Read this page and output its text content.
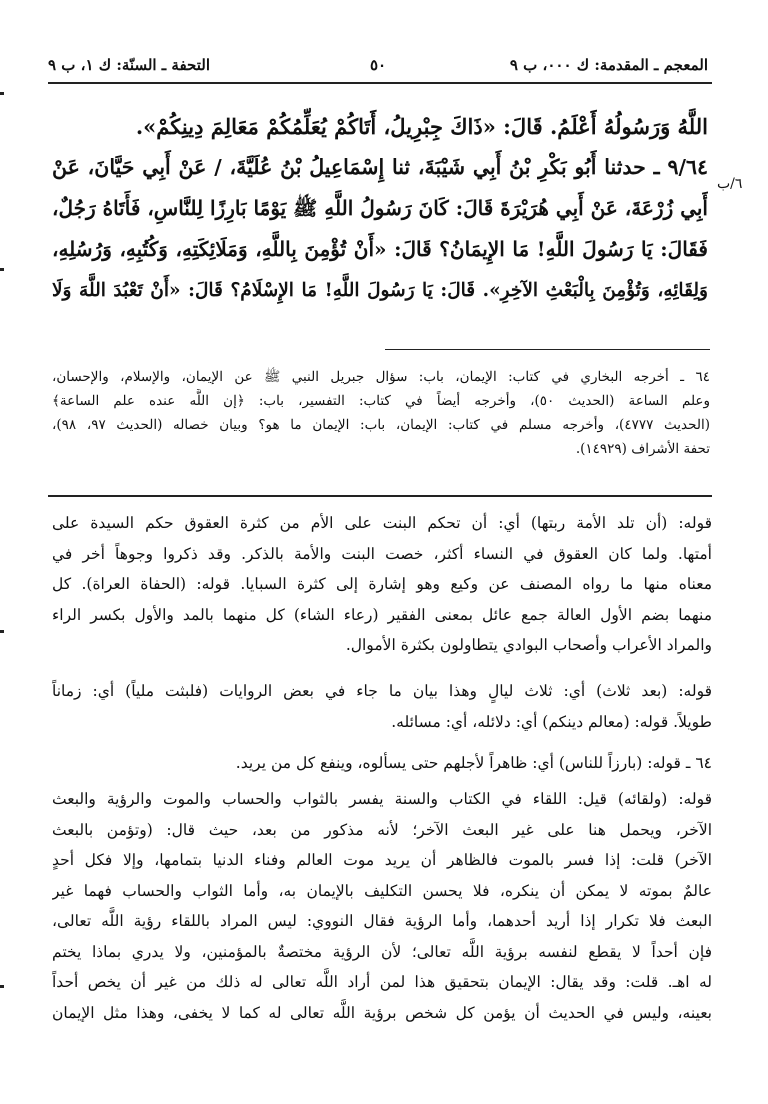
المعجم ـ المقدمة: ك ٠٠٠، ب ٩
٥٠
التحفة ـ السنّة: ك ١، ب ٩
٦/ب
اللَّهُ وَرَسُولُهُ أَعْلَمُ. قَالَ: «ذَاكَ جِبْرِيلُ، أَتَاكُمْ يُعَلِّمُكُمْ مَعَالِمَ دِينِكُمْ».
٩/٦٤ ـ حدثنا أَبُو بَكْرِ بْنُ أَبِي شَيْبَةَ، ثنا إِسْمَاعِيلُ بْنُ عُلَيَّةَ، / عَنْ أَبِي حَيَّانَ، عَنْ
أَبِي زُرْعَةَ، عَنْ أَبِي هُرَيْرَةَ قَالَ: كَانَ رَسُولُ اللَّهِ ﷺ يَوْمًا بَارِزًا لِلنَّاسِ، فَأَتَاهُ رَجُلٌ،
فَقَالَ: يَا رَسُولَ اللَّهِ! مَا الإِيمَانُ؟ قَالَ: «أَنْ تُؤْمِنَ بِاللَّهِ، وَمَلَائِكَتِهِ، وَكُتُبِهِ، وَرُسُلِهِ،
وَلِقَائِهِ، وَتُؤْمِنَ بِالْبَعْثِ الآخِرِ». قَالَ: يَا رَسُولَ اللَّهِ! مَا الإِسْلَامُ؟ قَالَ: «أَنْ تَعْبُدَ اللَّهَ وَلَا
٦٤ ـ أخرجه البخاري في كتاب: الإيمان، باب: سؤال جبريل النبي ﷺ عن الإيمان، والإسلام، والإحسان،
وعلم الساعة (الحديث ٥٠)، وأخرجه أيضاً في كتاب: التفسير، باب: ﴿إن اللَّه عنده علم الساعة﴾
(الحديث ٤٧٧٧)، وأخرجه مسلم في كتاب: الإيمان، باب: الإيمان ما هو؟ وبيان خصاله (الحديث ٩٧، ٩٨)،
تحفة الأشراف (١٤٩٢٩).
قوله: (أن تلد الأمة ربتها) أي: أن تحكم البنت على الأم من كثرة العقوق حكم السيدة على
أمتها. ولما كان العقوق في النساء أكثر، خصت البنت والأمة بالذكر. وقد ذكروا وجوهاً أخر في
معناه منها ما رواه المصنف عن وكيع وهو إشارة إلى كثرة السبايا. قوله: (الحفاة العراة). كل
منهما بضم الأول العالة جمع عائل بمعنى الفقير (رعاء الشاء) كل منهما بالمد والأول بكسر الراء
والمراد الأعراب وأصحاب البوادي يتطاولون بكثرة الأموال.
قوله: (بعد ثلاث) أي: ثلاث ليالٍ وهذا بيان ما جاء في بعض الروايات (فلبثت ملياً) أي: زماناً
طويلاً. قوله: (معالم دينكم) أي: دلائله، أي: مسائله.
٦٤ ـ قوله: (بارزاً للناس) أي: ظاهراً لأجلهم حتى يسألوه، وينفع كل من يريد.
قوله: (ولقائه) قيل: اللقاء في الكتاب والسنة يفسر بالثواب والحساب والموت والرؤية والبعث
الآخر، ويحمل هنا على غير البعث الآخر؛ لأنه مذكور من بعد، حيث قال: (وتؤمن بالبعث
الآخر) قلت: إذا فسر بالموت فالظاهر أن يريد موت العالم وفناء الدنيا بتمامها، وإلا فكل أحدٍ
عالمٌ بموته لا يمكن أن ينكره، فلا يحسن التكليف بالإيمان به، وأما الثواب والحساب فهما غير
البعث فلا تكرار إذا أريد أحدهما، وأما الرؤية فقال النووي: ليس المراد باللقاء رؤية اللَّه تعالى،
فإن أحداً لا يقطع لنفسه برؤية اللَّه تعالى؛ لأن الرؤية مختصةٌ بالمؤمنين، ولا يدري بماذا يختم
له اهـ. قلت: وقد يقال: الإيمان بتحقيق هذا لمن أراد اللَّه تعالى له ذلك من غير أن يخص أحداً
بعينه، وليس في الحديث أن يؤمن كل شخص برؤية اللَّه تعالى له كما لا يخفى، وهذا مثل الإيمان
